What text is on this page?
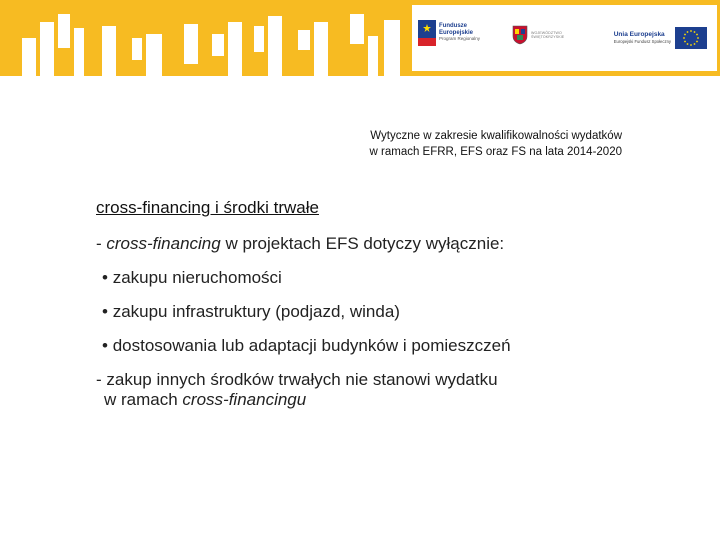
Fundusze
Europejskie
Program Regionalny
WOJEWÓDZTWO
ŚWIĘTOKRZYSKIE	Unia Europejska
Europejski Fundusz Społeczny
Wytyczne w zakresie kwalifikowalności wydatków
w ramach EFRR, EFS oraz FS na lata 2014-2020
cross-financing i środki trwałe
- cross-financing w projektach EFS dotyczy wyłącznie:
• zakupu nieruchomości
• zakupu infrastruktury (podjazd, winda)
• dostosowania lub adaptacji budynków i pomieszczeń
- zakup innych środków trwałych nie stanowi wydatku
w ramach cross-financingu
